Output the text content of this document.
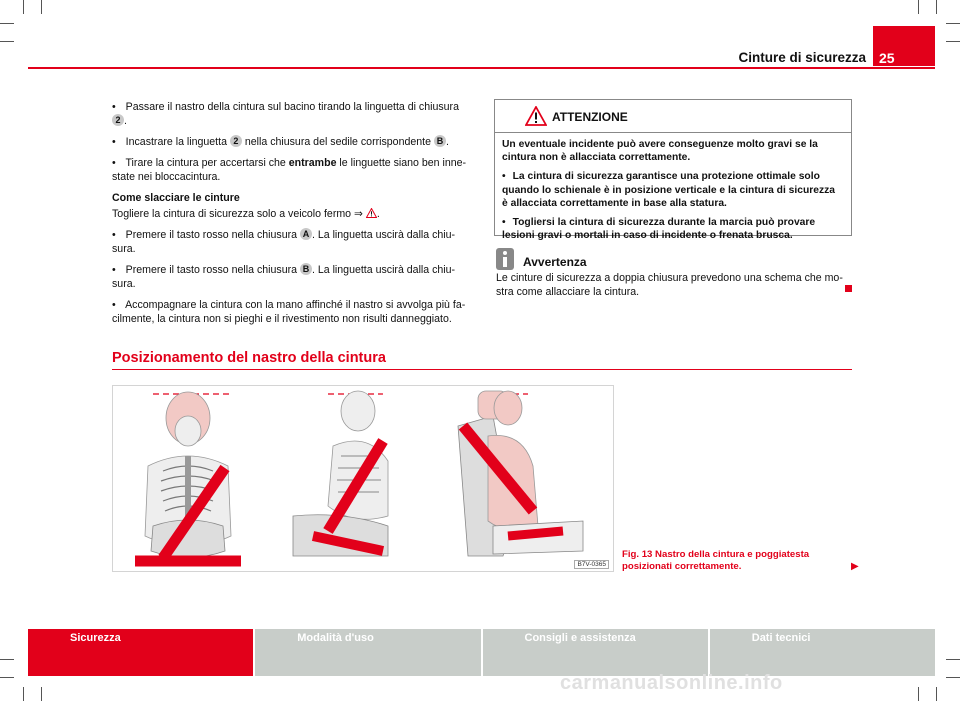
Cinture di sicurezza 25

• Passare il nastro della cintura sul bacino tirando la linguetta di chiusura 2 .

• Incastrare la linguetta 2 nella chiusura del sedile corrispondente B .

• Tirare la cintura per accertarsi che entrambe le linguette siano ben innestate nei bloccacintura.

Come slacciare le cinture

Togliere la cintura di sicurezza solo a veicolo fermo ⇒ .

• Premere il tasto rosso nella chiusura A . La linguetta uscirà dalla chiusura.

• Premere il tasto rosso nella chiusura B . La linguetta uscirà dalla chiusura.

• Accompagnare la cintura con la mano affinché il nastro si avvolga più facilmente, la cintura non si pieghi e il rivestimento non risulti danneggiato.

ATTENZIONE

Un eventuale incidente può avere conseguenze molto gravi se la cintura non è allacciata correttamente.

• La cintura di sicurezza garantisce una protezione ottimale solo quando lo schienale è in posizione verticale e la cintura di sicurezza è allacciata correttamente in base alla statura.

• Togliersi la cintura di sicurezza durante la marcia può provare lesioni gravi o mortali in caso di incidente o frenata brusca.

Avvertenza
Le cinture di sicurezza a doppia chiusura prevedono una schema che mostra come allacciare la cintura.
Posizionamento del nastro della cintura
B7V-0365
Fig. 13 Nastro della cintura e poggiatesta posizionati correttamente.	▶
Sicurezza	Modalità d'uso	Consigli e assistenza	Dati tecnici
carmanualsonline.info
